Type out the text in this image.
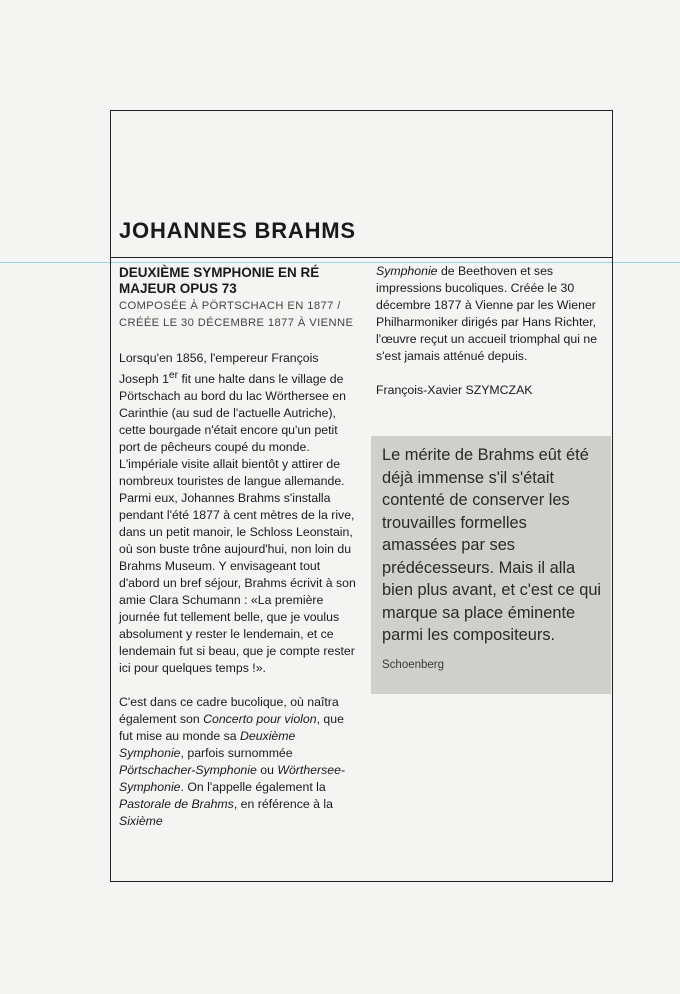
JOHANNES BRAHMS
DEUXIÈME SYMPHONIE EN RÉ MAJEUR OPUS 73
COMPOSÉE À PÖRTSCHACH EN 1877 /
CRÉÉE LE 30 DÉCEMBRE 1877 À VIENNE

Lorsqu'en 1856, l'empereur François Joseph 1er fit une halte dans le village de Pörtschach au bord du lac Wörthersee en Carinthie (au sud de l'actuelle Autriche), cette bourgade n'était encore qu'un petit port de pêcheurs coupé du monde. L'impériale visite allait bientôt y attirer de nombreux touristes de langue allemande. Parmi eux, Johannes Brahms s'installa pendant l'été 1877 à cent mètres de la rive, dans un petit manoir, le Schloss Leonstain, où son buste trône aujourd'hui, non loin du Brahms Museum. Y envisageant tout d'abord un bref séjour, Brahms écrivit à son amie Clara Schumann : «La première journée fut tellement belle, que je voulus absolument y rester le lendemain, et ce lendemain fut si beau, que je compte rester ici pour quelques temps !».

C'est dans ce cadre bucolique, où naîtra également son Concerto pour violon, que fut mise au monde sa Deuxième Symphonie, parfois surnommée Pörtschacher-Symphonie ou Wörthersee-Symphonie. On l'appelle également la Pastorale de Brahms, en référence à la Sixième

Symphonie de Beethoven et ses impressions bucoliques. Créée le 30 décembre 1877 à Vienne par les Wiener Philharmoniker dirigés par Hans Richter, l'œuvre reçut un accueil triomphal qui ne s'est jamais atténué depuis.

François-Xavier SZYMCZAK

Le mérite de Brahms eût été déjà immense s'il s'était contenté de conserver les trouvailles formelles amassées par ses prédécesseurs. Mais il alla bien plus avant, et c'est ce qui marque sa place éminente parmi les compositeurs.

Schoenberg
